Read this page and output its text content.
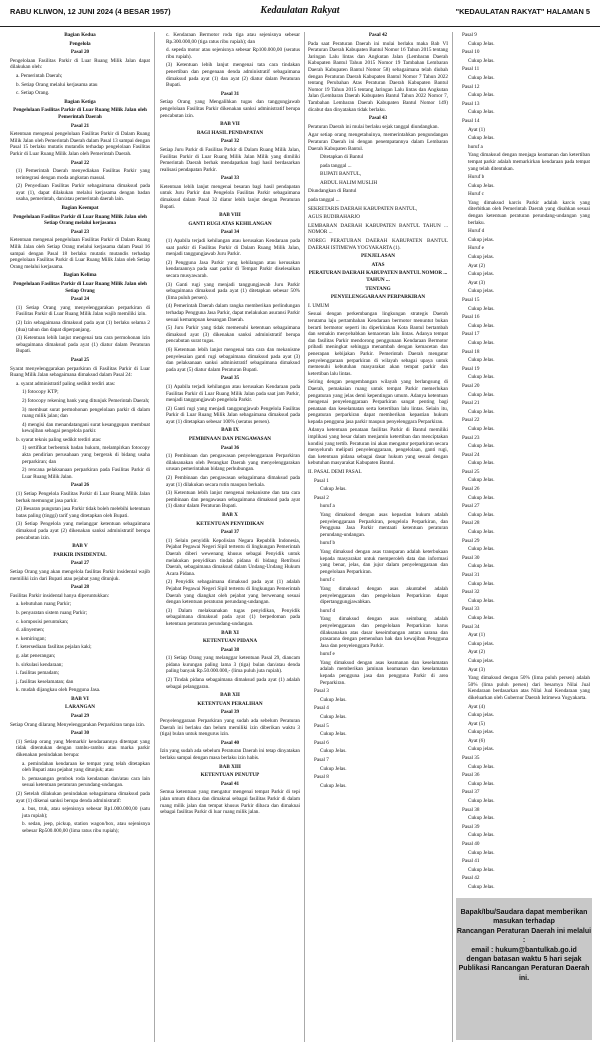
RABU KLIWON, 12 JUNI 2024 (4 BESAR 1957)	Kedaulatan Rakyat	"KEDAULATAN RAKYAT" HALAMAN 5

Bagian Kedua

Pengelola

Pasal 20

Pengelolaan Fasilitas Parkir di Luar Ruang Milik Jalan dapat dilakukan oleh:

a. Pemerintah Daerah;

b. Setiap Orang melalui kerjasama atau

c. Setiap Orang.

Bagian Ketiga

Pengelolaan Fasilitas Parkir di Luar Ruang Milik Jalan oleh Pemerintah Daerah

Pasal 21

Ketentuan mengenai pengelolaan Fasilitas Parkir di Dalam Ruang Milik Jalan oleh Pemerintah Daerah dalam Pasal 13 sampai dengan Pasal 15 berlaku mutatis mutandis terhadap pengelolaan Fasilitas Parkir di Luar Ruang Milik Jalan oleh Pemerintah Daerah.

Pasal 22

(1) Pemerintah Daerah menyediakan Fasilitas Parkir yang terintegrasi dengan moda angkutan massal.

(2) Penyediaan Fasilitas Parkir sebagaimana dimaksud pada ayat (1), dapat dilakukan melalui kerjasama dengan badan usaha, pemerintah, dan/atau pemerintah daerah lain.

Bagian Keempat

Pengelolaan Fasilitas Parkir di Luar Ruang Milik Jalan oleh Setiap Orang melalui kerjasama

Pasal 23

Ketentuan mengenai pengelolaan Fasilitas Parkir di Dalam Ruang Milik Jalan oleh Setiap Orang melalui kerjasama dalam Pasal 16 sampai dengan Pasal 18 berlaku mutatis mutandis terhadap pengelolaan Fasilitas Parkir di Luar Ruang Milik Jalan oleh Setiap Orang melalui kerjasama.

Bagian Kelima

Pengelolaan Fasilitas Parkir di Luar Ruang Milik Jalan oleh Setiap Orang

Pasal 24

(1) Setiap Orang yang menyelenggarakan perparkiran di Fasilitas Parkir di Luar Ruang Milik Jalan wajib memiliki izin.

(2) Izin sebagaimana dimaksud pada ayat (1) berlaku selama 2 (dua) tahun dan dapat diperpanjang.

(3) Ketentuan lebih lanjut mengenai tata cara permohonan izin sebagaimana dimaksud pada ayat (1) diatur dalam Peraturan Bupati.

Pasal 25

Syarat menyelenggarakan perparkiran di Fasilitas Parkir di Luar Ruang Milik Jalan sebagaimana dimaksud dalam Pasal 24:

a. syarat administratif paling sedikit terdiri atas:

1) fotocopy KTP;

2) fotocopy rekening bank yang ditunjuk Pemerintah Daerah;

3) membuat surat permohonan pengelolaan parkir di dalam ruang milik jalan; dan

4) mengisi dan menandatangani surat kesanggupan membuat kewajiban sebagai pengelola parkir.

b. syarat teknis paling sedikit terdiri atas:

1) sertifikat berbentuk badan hukum, melampirkan fotocopy akta pendirian perusahaan yang bergerak di bidang usaha perparkiran; dan

2) rencana pelaksanaan perparkiran pada Fasilitas Parkir di Luar Ruang Milik Jalan.

Pasal 26

(1) Setiap Pengelola Fasilitas Parkir di Luar Ruang Milik Jalan berhak memungut jasa parkir.

(2) Besaran pungutan jasa Parkir tidak boleh melebihi ketentuan batas paling (tinggi) tarif yang ditetapkan oleh Bupati.

(3) Setiap Pengelola yang melanggar ketentuan sebagaimana dimaksud pada ayat (2) dikenakan sanksi administratif berupa pencabutan izin.

BAB V

PARKIR INSIDENTAL

Pasal 27

Setiap Orang yang akan mengelola fasilitas Parkir insidental wajib memiliki izin dari Bupati atau pejabat yang ditunjuk.

Pasal 28

Fasilitas Parkir insidental hanya diperuntukkan:

a. kebutuhan ruang Parkir;

b. penyaratan sistem ruang Parkir;

c. komposisi peruntukan;

d. alinyemen;

e. kemiringan;

f. ketersediaan fasilitas pejalan kaki;

g. alat penerangan;

h. sirkulasi kendaraan;

i. fasilitas pemadam;

j. fasilitas keselamatan; dan

k. mudah dijangkau oleh Pengguna Jasa.

BAB VI

LARANGAN

Pasal 29

Setiap Orang dilarang Menyelenggarakan Perparkiran tanpa izin.

Pasal 30

(1) Setiap orang yang Memarkir kendaraannya ditempat yang tidak ditentukan dengan rambu-rambu atau marka parkir dikenakan penindakan berupa:

a. pemindahan kendaraan ke tempat yang telah ditetapkan oleh Bupati atau pejabat yang ditunjuk; atau

b. pemasangan gembok roda kendaraan dan/atau cara lain sesuai ketentuan peraturan perundang-undangan.

(2) Setelah dilakukan penindakan sebagaimana dimaksud pada ayat (1) dikenai sanksi berupa denda administratif:

a. bus, truk, atau sejenisnya sebesar Rp1.000.000,00 (satu juta rupiah);

b. sedan, jeep, pickup, station wagon/box, atau sejenisnya sebesar Rp500.000,00 (lima ratus ribu rupiah);

c. Kendaraan Bermotor roda tiga atau sejenisnya sebesar Rp.300.000,00 (tiga ratus ribu rupiah); dan

d. sepeda motor atau sejenisnya sebesar Rp100.000,00 (seratus ribu rupiah).

(3) Ketentuan lebih lanjut mengenai tata cara tindakan penertiban dan pengenaan denda administratif sebagaimana dimaksud pada ayat (1) dan ayat (2) diatur dalam Peraturan Bupati.

Pasal 31

Setiap Orang yang Mengalihkan tugas dan tanggungjawab pengelolaan Fasilitas Parkir dikenakan sanksi administratif berupa pencabutan izin.

BAB VII

BAGI HASIL PENDAPATAN

Pasal 32

Setiap Juru Parkir di Fasilitas Parkir di Dalam Ruang Milik Jalan, Fasilitas Parkir di Luar Ruang Milik Jalan Milik yang dimiliki Pemerintah Daerah berhak mendapatkan bagi hasil berdasarkan realisasi pendapatan Parkir.

Pasal 33

Ketentuan lebih lanjut mengenai besaran bagi hasil pendapatan untuk Juru Parkir dan Pengelola Fasilitas Parkir sebagaimana dimaksud dalam Pasal 32 diatur lebih lanjut dengan Peraturan Bupati.

BAB VIII

GANTI RUGI ATAS KEHILANGAN

Pasal 34

(1) Apabila terjadi kehilangan atau kerusakan Kendaraan pada saat parkir di Fasilitas Parkir di Dalam Ruang Milik Jalan, menjadi tanggungjawab Juru Parkir.

(2) Pengguna Jasa Parkir yang kehilangan atau kerusakan kendaraannya pada saat parkir di Tempat Parkir diselesaikan secara musyawarah.

(3) Ganti rugi yang menjadi tanggungjawab Juru Parkir sebagaimana dimaksud pada ayat (1) ditetapkan sebesar 50% (lima puluh persen).

(4) Pemerintah Daerah dalam rangka memberikan perlindungan terhadap Pengguna Jasa Parkir, dapat melakukan asuransi Parkir sesuai kemampuan keuangan Daerah.

(5) Juru Parkir yang tidak memenuhi ketentuan sebagaimana dimaksud ayat (3) dikenakan sanksi administratif berupa pencabutan surat tugas.

(6) Ketentuan lebih lanjut mengenai tata cara dan mekanisme penyelesaian ganti rugi sebagaimana dimaksud pada ayat (3) dan pelaksanaan sanksi administratif sebagaimana dimaksud pada ayat (5) diatur dalam Peraturan Bupati.

Pasal 35

(1) Apabila terjadi kehilangan atau kerusakan Kendaraan pada Fasilitas Parkir di Luar Ruang Milik Jalan pada saat jam Parkir, menjadi tanggungjawab pengelola Parkir.

(2) Ganti rugi yang menjadi tanggungjawab Pengelola Fasilitas Parkir di Luar Ruang Milik Jalan sebagaimana dimaksud pada ayat (1) ditetapkan sebesar 100% (seratus persen).

BAB IX

PEMBINAAN DAN PENGAWASAN

Pasal 36

(1) Pembinaan dan pengawasan penyelenggaraan Perparkiran dilaksanakan oleh Perangkat Daerah yang menyelenggarakan urusan pemerintahan bidang perhubungan.

(2) Pembinaan dan pengawasan sebagaimana dimaksud pada ayat (1) dilakukan secara rutin maupun berkala.

(3) Ketentuan lebih lanjut mengenai mekanisme dan tata cara pembinaan dan pengawasan sebagaimana dimaksud pada ayat (1) diatur dalam Peraturan Bupati.

BAB X

KETENTUAN PENYIDIKAN

Pasal 37

(1) Selain penyidik Kepolisian Negara Republik Indonesia, Pejabat Pegawai Negeri Sipil tertentu di lingkungan Pemerintah Daerah diberi wewenang khusus sebagai Penyidik untuk melakukan penyidikan tindak pidana di bidang Retribusi Daerah, sebagaimana dimaksud dalam Undang-Undang Hukum Acara Pidana.

(2) Penyidik sebagaimana dimaksud pada ayat (1) adalah Pejabat Pegawai Negeri Sipil tertentu di lingkungan Pemerintah Daerah yang diangkat oleh pejabat yang berwenang sesuai dengan ketentuan peraturan perundang-undangan.

(3) Dalam melaksanakan tugas penyidikan, Penyidik sebagaimana dimaksud pada ayat (1) berpedoman pada ketentuan peraturan perundang-undangan.

BAB XI

KETENTUAN PIDANA

Pasal 38

(1) Setiap Orang yang melanggar ketentuan Pasal 29, diancam pidana kurungan paling lama 3 (tiga) bulan dan/atau denda paling banyak Rp.50.000.000,- (lima puluh juta rupiah).

(2) Tindak pidana sebagaimana dimaksud pada ayat (1) adalah sebagai pelanggaran.

BAB XII

KETENTUAN PERALIHAN

Pasal 39

Penyelenggaraan Perparkiran yang sudah ada sebelum Peraturan Daerah ini berlaku dan belum memiliki izin diberikan waktu 3 (tiga) bulan untuk mengurus izin.

Pasal 40

Izin yang sudah ada sebelum Peraturan Daerah ini tetap dinyatakan berlaku sampai dengan masa berlaku izin habis.

BAB XIII

KETENTUAN PENUTUP

Pasal 41

Semua ketentuan yang mengatur mengenai tempat Parkir di tepi jalan umum dibaca dan dimaknai sebagai fasilitas Parkir di dalam ruang milik jalan dan tempat khusus Parkir dibaca dan dimaknai sebagai fasilitas Parkir di luar ruang milik jalan.

Pasal 42

Pada saat Peraturan Daerah ini mulai berlaku maka Bab VI Peraturan Daerah Kabupaten Bantul Nomor 16 Tahun 2015 tentang Jaringan Lalu lintas dan Angkutan Jalan (Lembaran Daerah Kabupaten Bantul Tahun 2015 Nomor 19 Tambahan Lembaran Daerah Kabupaten Bantul Nomor 58) sebagaimana telah diubah dengan Peraturan Daerah Kabupaten Bantul Nomor 7 Tahun 2022 tentang Perubahan Atas Peraturan Daerah Kabupaten Bantul Nomor 19 Tahun 2015 tentang Jaringan Lalu lintas dan Angkutan Jalan (Lembaran Daerah Kabupaten Bantul Tahun 2022 Nomor 7, Tambahan Lembaran Daerah Kabupaten Bantul Nomor 149) dicabut dan dinyatakan tidak berlaku.

Pasal 43

Peraturan Daerah ini mulai berlaku sejak tanggal diundangkan.

Agar setiap orang mengetahuinya, memerintahkan pengundangan Peraturan Daerah ini dengan penempatannya dalam Lembaran Daerah Kabupaten Bantul.

Ditetapkan di Bantul

pada tanggal ...

BUPATI BANTUL,

ABDUL HALIM MUSLIH

Diundangkan di Bantul

pada tanggal ...

SEKRETARIS DAERAH KABUPATEN BANTUL,

AGUS BUDIRAHARJO

LEMBARAN DAERAH KABUPATEN BANTUL TAHUN ... NOMOR ...

NOREG PERATURAN DAERAH KABUPATEN BANTUL DAERAH ISTIMEWA YOGYAKARTA (1).

PENJELASAN

ATAS

PERATURAN DAERAH KABUPATEN BANTUL NOMOR ... TAHUN ...

TENTANG

PENYELENGGARAAN PERPARKIRAN

I. UMUM

Sesuai dengan perkembangan lingkungan strategis Daerah terutama laju pertambahan Kendaraan bermotor menuntut bukan berarti bermotor seperti itu diperkirakan Kota Bantul bertambah dan semakin menyebabkan kemacetan lalu lintas. Adanya tempat dan fasilitas Parkir mendorong penggunaan Kendaraan Bermotor pribadi meningkat sehingga menambah dengan kemacetan dan penerapan kebijakan Parkir. Pemerintah Daerah mengatur penyelenggaraan perparkiran di wilayah sebagai upaya untuk memenuhi kebutuhan masyarakat akan tempat parkir dan ketertiban lalu lintas.

Seiring dengan pengembangan wilayah yang berlangsung di Daerah, pemakaian ruang untuk tempat Parkir memerlukan pengaturan yang jelas demi kepentingan umum. Adanya ketentuan mengenai penyelenggaraan Perparkiran sangat penting bagi penataan dan keselamatan serta ketertiban lalu lintas. Selain itu, pengaturan perparkiran dapat memberikan kepastian hukum kepada pengguna jasa parkir maupun penyelenggara Perparkiran.

Adanya ketentuan penataan fasilitas Parkir di Bantul memiliki implikasi yang besar dalam menjamin ketertiban dan menciptakan kondisi yang tertib. Peraturan ini akan mengatur perparkiran secara menyeluruh meliputi penyelenggaraan, pengelolaan, ganti rugi, dan ketentuan pidana sebagai dasar hukum yang sesuai dengan kebutuhan masyarakat Kabupaten Bantul.

II. PASAL DEMI PASAL

Pasal 1

Cukup Jelas.

Pasal 2

huruf a

Yang dimaksud dengan asas kepastian hukum adalah penyelenggaraan Perparkiran, pengelola Perparkiran, dan Pengguna Jasa Parkir mentaati ketentuan peraturan perundang-undangan.

huruf b

Yang dimaksud dengan asas transparan adalah keterbukaan kepada masyarakat untuk memperoleh data dan informasi yang benar, jelas, dan jujur dalam penyelenggaraan dan pengelolaan Perparkiran.

huruf c

Yang dimaksud dengan asas akuntabel adalah penyelenggaraan dan pengelolaan Perparkiran dapat dipertanggungjawabkan.

huruf d

Yang dimaksud dengan asas seimbang adalah penyelenggaraan dan pengelolaan Perparkiran harus dilaksanakan atas dasar keseimbangan antara sarana dan prasarana dengan pemenuhan hak dan kewajiban Pengguna Jasa dan penyelenggara Parkir.

huruf e

Yang dimaksud dengan asas keamanan dan keselamatan adalah memberikan jaminan keamanan dan keselamatan kepada pengguna jasa dan pengguna Parkir di area Perparkiran.

Pasal 3

Cukup Jelas.

Pasal 4

Cukup Jelas.

Pasal 5

Cukup Jelas.

Pasal 6

Cukup Jelas.

Pasal 7

Cukup Jelas.

Pasal 8

Cukup Jelas.

Pasal 9

Cukup Jelas.

Pasal 10

Cukup Jelas.

Pasal 11

Cukup Jelas.

Pasal 12

Cukup Jelas.

Pasal 13

Cukup Jelas.

Pasal 14

Ayat (1)

Cukup Jelas.

huruf a

Yang dimaksud dengan menjaga keamanan dan ketertiban tempat parkir adalah memarkirkan kendaraan pada tempat yang telah ditentukan.

Huruf b

Cukup Jelas.

Huruf c

Yang dimaksud karcis Parkir adalah karcis yang diterbitkan oleh Pemerintah Daerah yang disahkan sesuai dengan ketentuan peraturan perundang-undangan yang berlaku.

Huruf d

Cukup jelas.

Huruf e

Cukup jelas.

Ayat (2)

Cukup jelas.

Ayat (3)

Cukup jelas.

Pasal 15

Cukup Jelas.

Pasal 16

Cukup Jelas.

Pasal 17

Cukup Jelas.

Pasal 18

Cukup Jelas.

Pasal 19

Cukup Jelas.

Pasal 20

Cukup Jelas.

Pasal 21

Cukup Jelas.

Pasal 22

Cukup Jelas.

Pasal 23

Cukup Jelas.

Pasal 24

Cukup Jelas.

Pasal 25

Cukup Jelas.

Pasal 26

Cukup Jelas.

Pasal 27

Cukup Jelas.

Pasal 28

Cukup Jelas.

Pasal 29

Cukup Jelas.

Pasal 30

Cukup Jelas.

Pasal 31

Cukup Jelas.

Pasal 32

Cukup Jelas.

Pasal 33

Cukup Jelas.

Pasal 34

Ayat (1)

Cukup jelas.

Ayat (2)

Cukup jelas.

Ayat (3)

Yang dimaksud dengan 50% (lima puluh persen) adalah 50% (lima puluh persen) dari besarnya Nilai Jual Kendaraan berdasarkan atas Nilai Jual Kendaraan yang dikeluarkan oleh Gubernur Daerah Istimewa Yogyakarta.

Ayat (4)

Cukup jelas.

Ayat (5)

Cukup jelas.

Ayat (6)

Cukup jelas.

Pasal 35

Cukup Jelas.

Pasal 36

Cukup Jelas.

Pasal 37

Cukup Jelas.

Pasal 38

Cukup Jelas.

Pasal 39

Cukup Jelas.

Pasal 40

Cukup Jelas.

Pasal 41

Cukup Jelas.

Pasal 42

Cukup Jelas.

Bapak/Ibu/Saudara dapat memberikan
masukan terhadap
Rancangan Peraturan Daerah ini melalui :
email : hukum@bantulkab.go.id
dengan batasan waktu 5 hari sejak
Publikasi Rancangan Peraturan Daerah ini.
